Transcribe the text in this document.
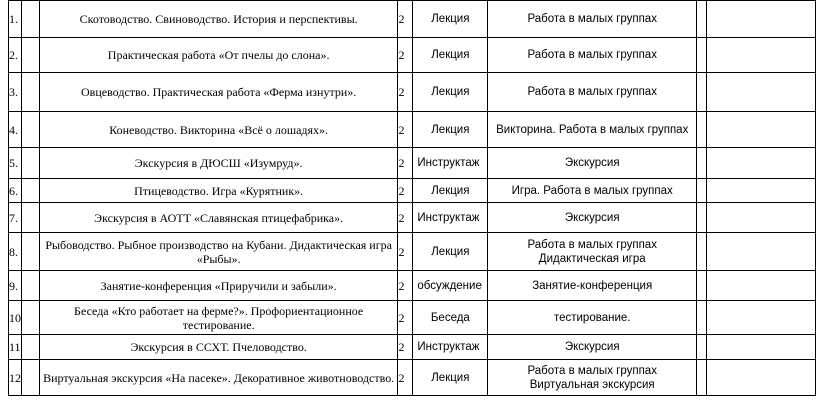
1.		Скотоводство. Свиноводство. История и перспективы.	2	Лекция	Работа в малых группах		

2.		Практическая работа «От пчелы до слона».	2	Лекция	Работа в малых группах		

3.		Овцеводство. Практическая работа «Ферма изнутри».	2	Лекция	Работа в малых группах		

4.		Коневодство. Викторина «Всё о лошадях».	2	Лекция	Викторина. Работа в малых группах		

5.		Экскурсия в ДЮСШ «Изумруд».	2	Инструктаж	Экскурсия		

6.		Птицеводство. Игра «Курятник».	2	Лекция	Игра. Работа в малых группах		

7.		Экскурсия в АОТТ «Славянская птицефабрика».	2	Инструктаж	Экскурсия		

8.		Рыбоводство. Рыбное производство на Кубани. Дидактическая игра «Рыбы».	2	Лекция	Работа в малых группах
Дидактическая игра		

9.		Занятие-конференция «Приручили и забыли».	2	обсуждение	Занятие-конференция		

10		Беседа «Кто работает на ферме?». Профориентационное тестирование.	2	Беседа	тестирование.		

11		Экскурсия в ССХТ. Пчеловодство.	2	Инструктаж	Экскурсия		

12		Виртуальная экскурсия «На пасеке». Декоративное животноводство.	2	Лекция	Работа в малых группах
Виртуальная экскурсия		
